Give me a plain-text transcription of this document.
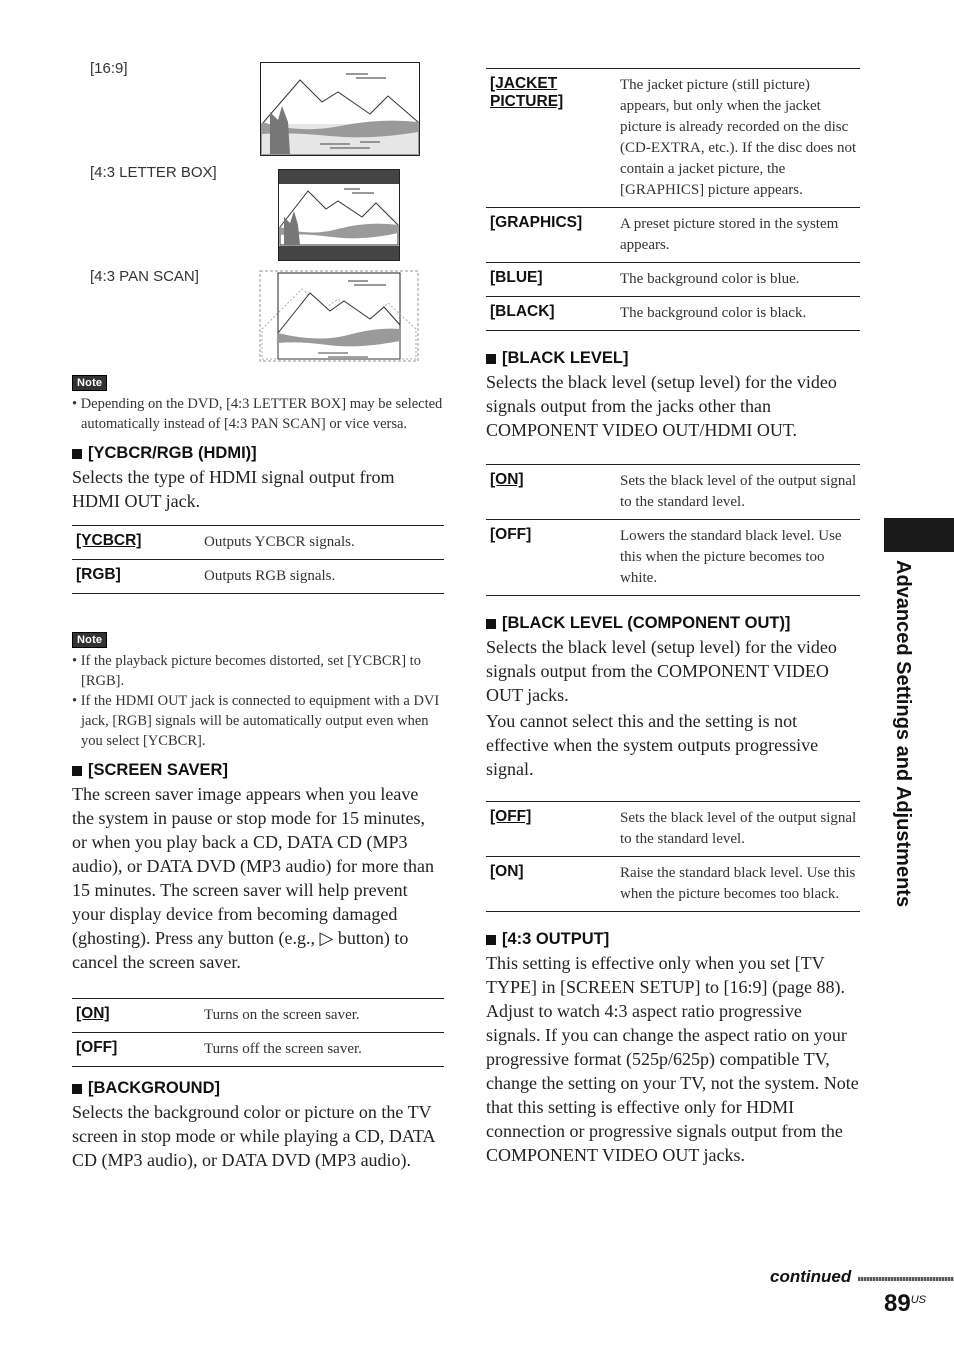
[16:9]
[4:3 LETTER BOX]
[4:3 PAN SCAN]
Note
• Depending on the DVD, [4:3 LETTER BOX] may be selected automatically instead of [4:3 PAN SCAN] or vice versa.
[YCBCR/RGB (HDMI)]
Selects the type of HDMI signal output from HDMI OUT jack.
[YCBCR]	Outputs YCBCR signals.
[RGB]	Outputs RGB signals.
Note
• If the playback picture becomes distorted, set [YCBCR] to [RGB].
• If the HDMI OUT jack is connected to equipment with a DVI jack, [RGB] signals will be automatically output even when you select [YCBCR].
[SCREEN SAVER]
The screen saver image appears when you leave the system in pause or stop mode for 15 minutes, or when you play back a CD, DATA CD (MP3 audio), or DATA DVD (MP3 audio) for more than 15 minutes. The screen saver will help prevent your display device from becoming damaged (ghosting). Press any button (e.g., ▷ button) to cancel the screen saver.
[ON]	Turns on the screen saver.
[OFF]	Turns off the screen saver.
[BACKGROUND]
Selects the background color or picture on the TV screen in stop mode or while playing a CD, DATA CD (MP3 audio), or DATA DVD (MP3 audio).
[JACKET PICTURE]	The jacket picture (still picture) appears, but only when the jacket picture is already recorded on the disc (CD-EXTRA, etc.). If the disc does not contain a jacket picture, the [GRAPHICS] picture appears.
[GRAPHICS]	A preset picture stored in the system appears.
[BLUE]	The background color is blue.
[BLACK]	The background color is black.
[BLACK LEVEL]
Selects the black level (setup level) for the video signals output from the jacks other than COMPONENT VIDEO OUT/HDMI OUT.
[ON]	Sets the black level of the output signal to the standard level.
[OFF]	Lowers the standard black level. Use this when the picture becomes too white.
[BLACK LEVEL (COMPONENT OUT)]
Selects the black level (setup level) for the video signals output from the COMPONENT VIDEO OUT jacks.
You cannot select this and the setting is not effective when the system outputs progressive signal.
[OFF]	Sets the black level of the output signal to the standard level.
[ON]	Raise the standard black level. Use this when the picture becomes too black.
[4:3 OUTPUT]
This setting is effective only when you set [TV TYPE] in [SCREEN SETUP] to [16:9] (page 88). Adjust to watch 4:3 aspect ratio progressive signals. If you can change the aspect ratio on your progressive format (525p/625p) compatible TV, change the setting on your TV, not the system. Note that this setting is effective only for HDMI connection or progressive signals output from the COMPONENT VIDEO OUT jacks.
Advanced Settings and Adjustments
continued
$89^{US}$
